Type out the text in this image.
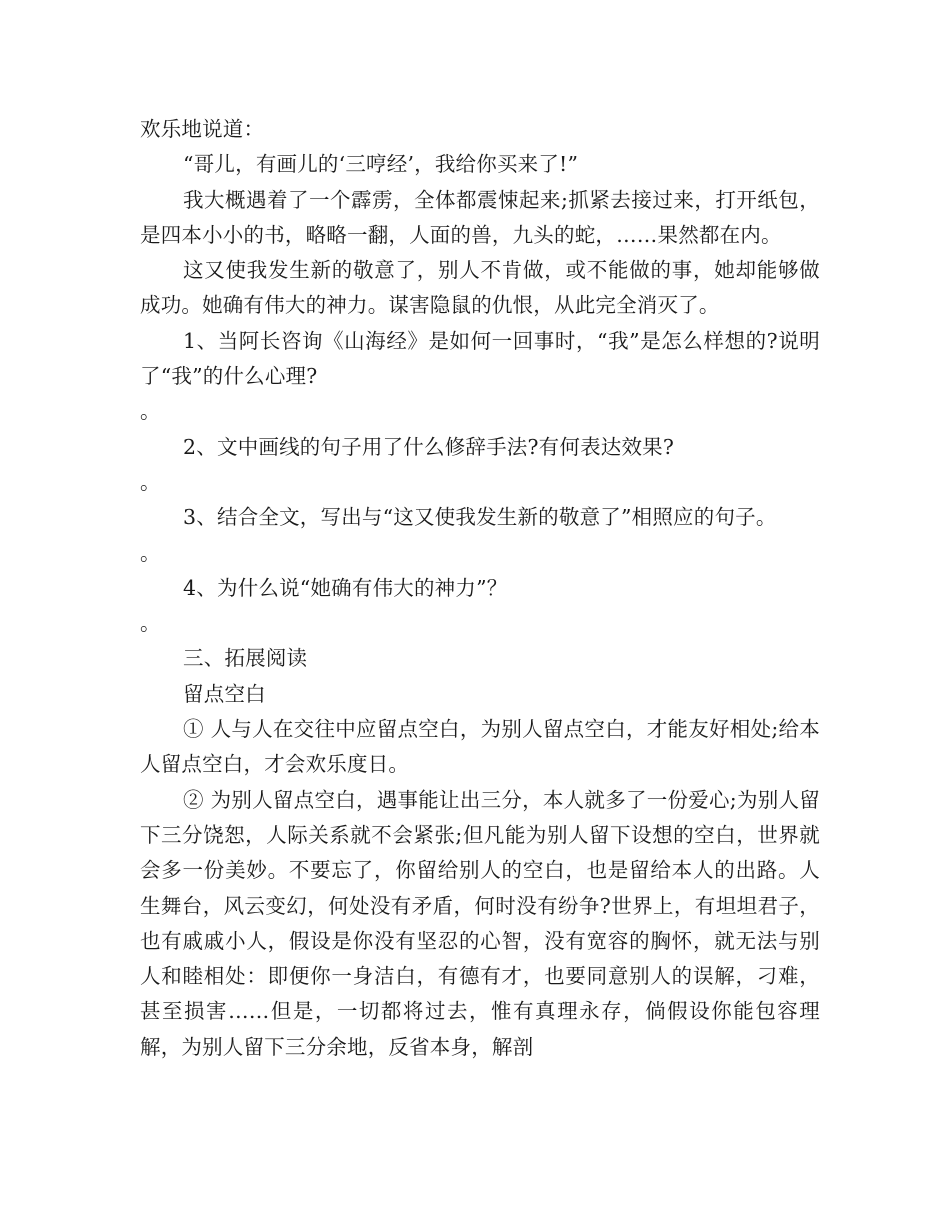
欢乐地说道：

“哥儿，有画儿的‘三哼经’，我给你买来了!”

我大概遇着了一个霹雳，全体都震悚起来;抓紧去接过来，打开纸包，是四本小小的书，略略一翻，人面的兽，九头的蛇，……果然都在内。

这又使我发生新的敬意了，别人不肯做，或不能做的事，她却能够做成功。她确有伟大的神力。谋害隐鼠的仇恨，从此完全消灭了。

1、当阿长咨询《山海经》是如何一回事时，“我”是怎么样想的?说明了“我”的什么心理?

。

2、文中画线的句子用了什么修辞手法?有何表达效果?

。

3、结合全文，写出与“这又使我发生新的敬意了”相照应的句子。

。

4、为什么说“她确有伟大的神力”？

。

三、拓展阅读

留点空白

① 人与人在交往中应留点空白，为别人留点空白，才能友好相处;给本人留点空白，才会欢乐度日。

② 为别人留点空白，遇事能让出三分，本人就多了一份爱心;为别人留下三分饶恕，人际关系就不会紧张;但凡能为别人留下设想的空白，世界就会多一份美妙。不要忘了，你留给别人的空白，也是留给本人的出路。人生舞台，风云变幻，何处没有矛盾，何时没有纷争?世界上，有坦坦君子，也有戚戚小人，假设是你没有坚忍的心智，没有宽容的胸怀，就无法与别人和睦相处：即便你一身洁白，有德有才，也要同意别人的误解，刁难，甚至损害……但是，一切都将过去，惟有真理永存，倘假设你能包容理解，为别人留下三分余地，反省本身，解剖
